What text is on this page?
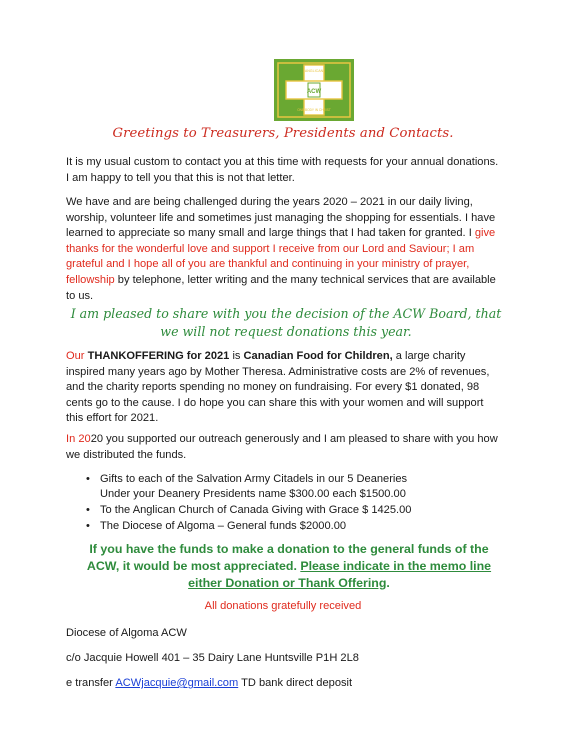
ACW
ANGLICAN
ONE BODY IN CHRIST
Greetings to Treasurers, Presidents and Contacts.
It is my usual custom to contact you at this time with requests for your annual donations.
I am happy to tell you that this is not that letter.
We have and are being challenged during the years 2020 – 2021 in our daily living,
worship, volunteer life and sometimes just managing the shopping for essentials. I have
learned to appreciate so many small and large things that I had taken for granted. I give
thanks for the wonderful love and support I receive from our Lord and Saviour; I am
grateful and I hope all of you are thankful and continuing in your ministry of prayer,
fellowship by telephone, letter writing and the many technical services that are available
to us.
I am pleased to share with you the decision of the ACW Board, that
we will not request donations this year.
Our THANKOFFERING for 2021 is Canadian Food for Children, a large charity
inspired many years ago by Mother Theresa. Administrative costs are 2% of revenues,
and the charity reports spending no money on fundraising. For every $1 donated, 98
cents go to the cause. I do hope you can share this with your women and will support
this effort for 2021.
In 2020 you supported our outreach generously and I am pleased to share with you how
we distributed the funds.
• Gifts to each of the Salvation Army Citadels in our 5 Deaneries
Under your Deanery Presidents name $300.00 each $1500.00
• To the Anglican Church of Canada Giving with Grace $ 1425.00
• The Diocese of Algoma – General funds $2000.00
If you have the funds to make a donation to the general funds of the
ACW, it would be most appreciated. Please indicate in the memo line
either Donation or Thank Offering.
All donations gratefully received
Diocese of Algoma ACW
c/o Jacquie Howell 401 – 35 Dairy Lane Huntsville P1H 2L8
e transfer ACWjacquie@gmail.com TD bank direct deposit
